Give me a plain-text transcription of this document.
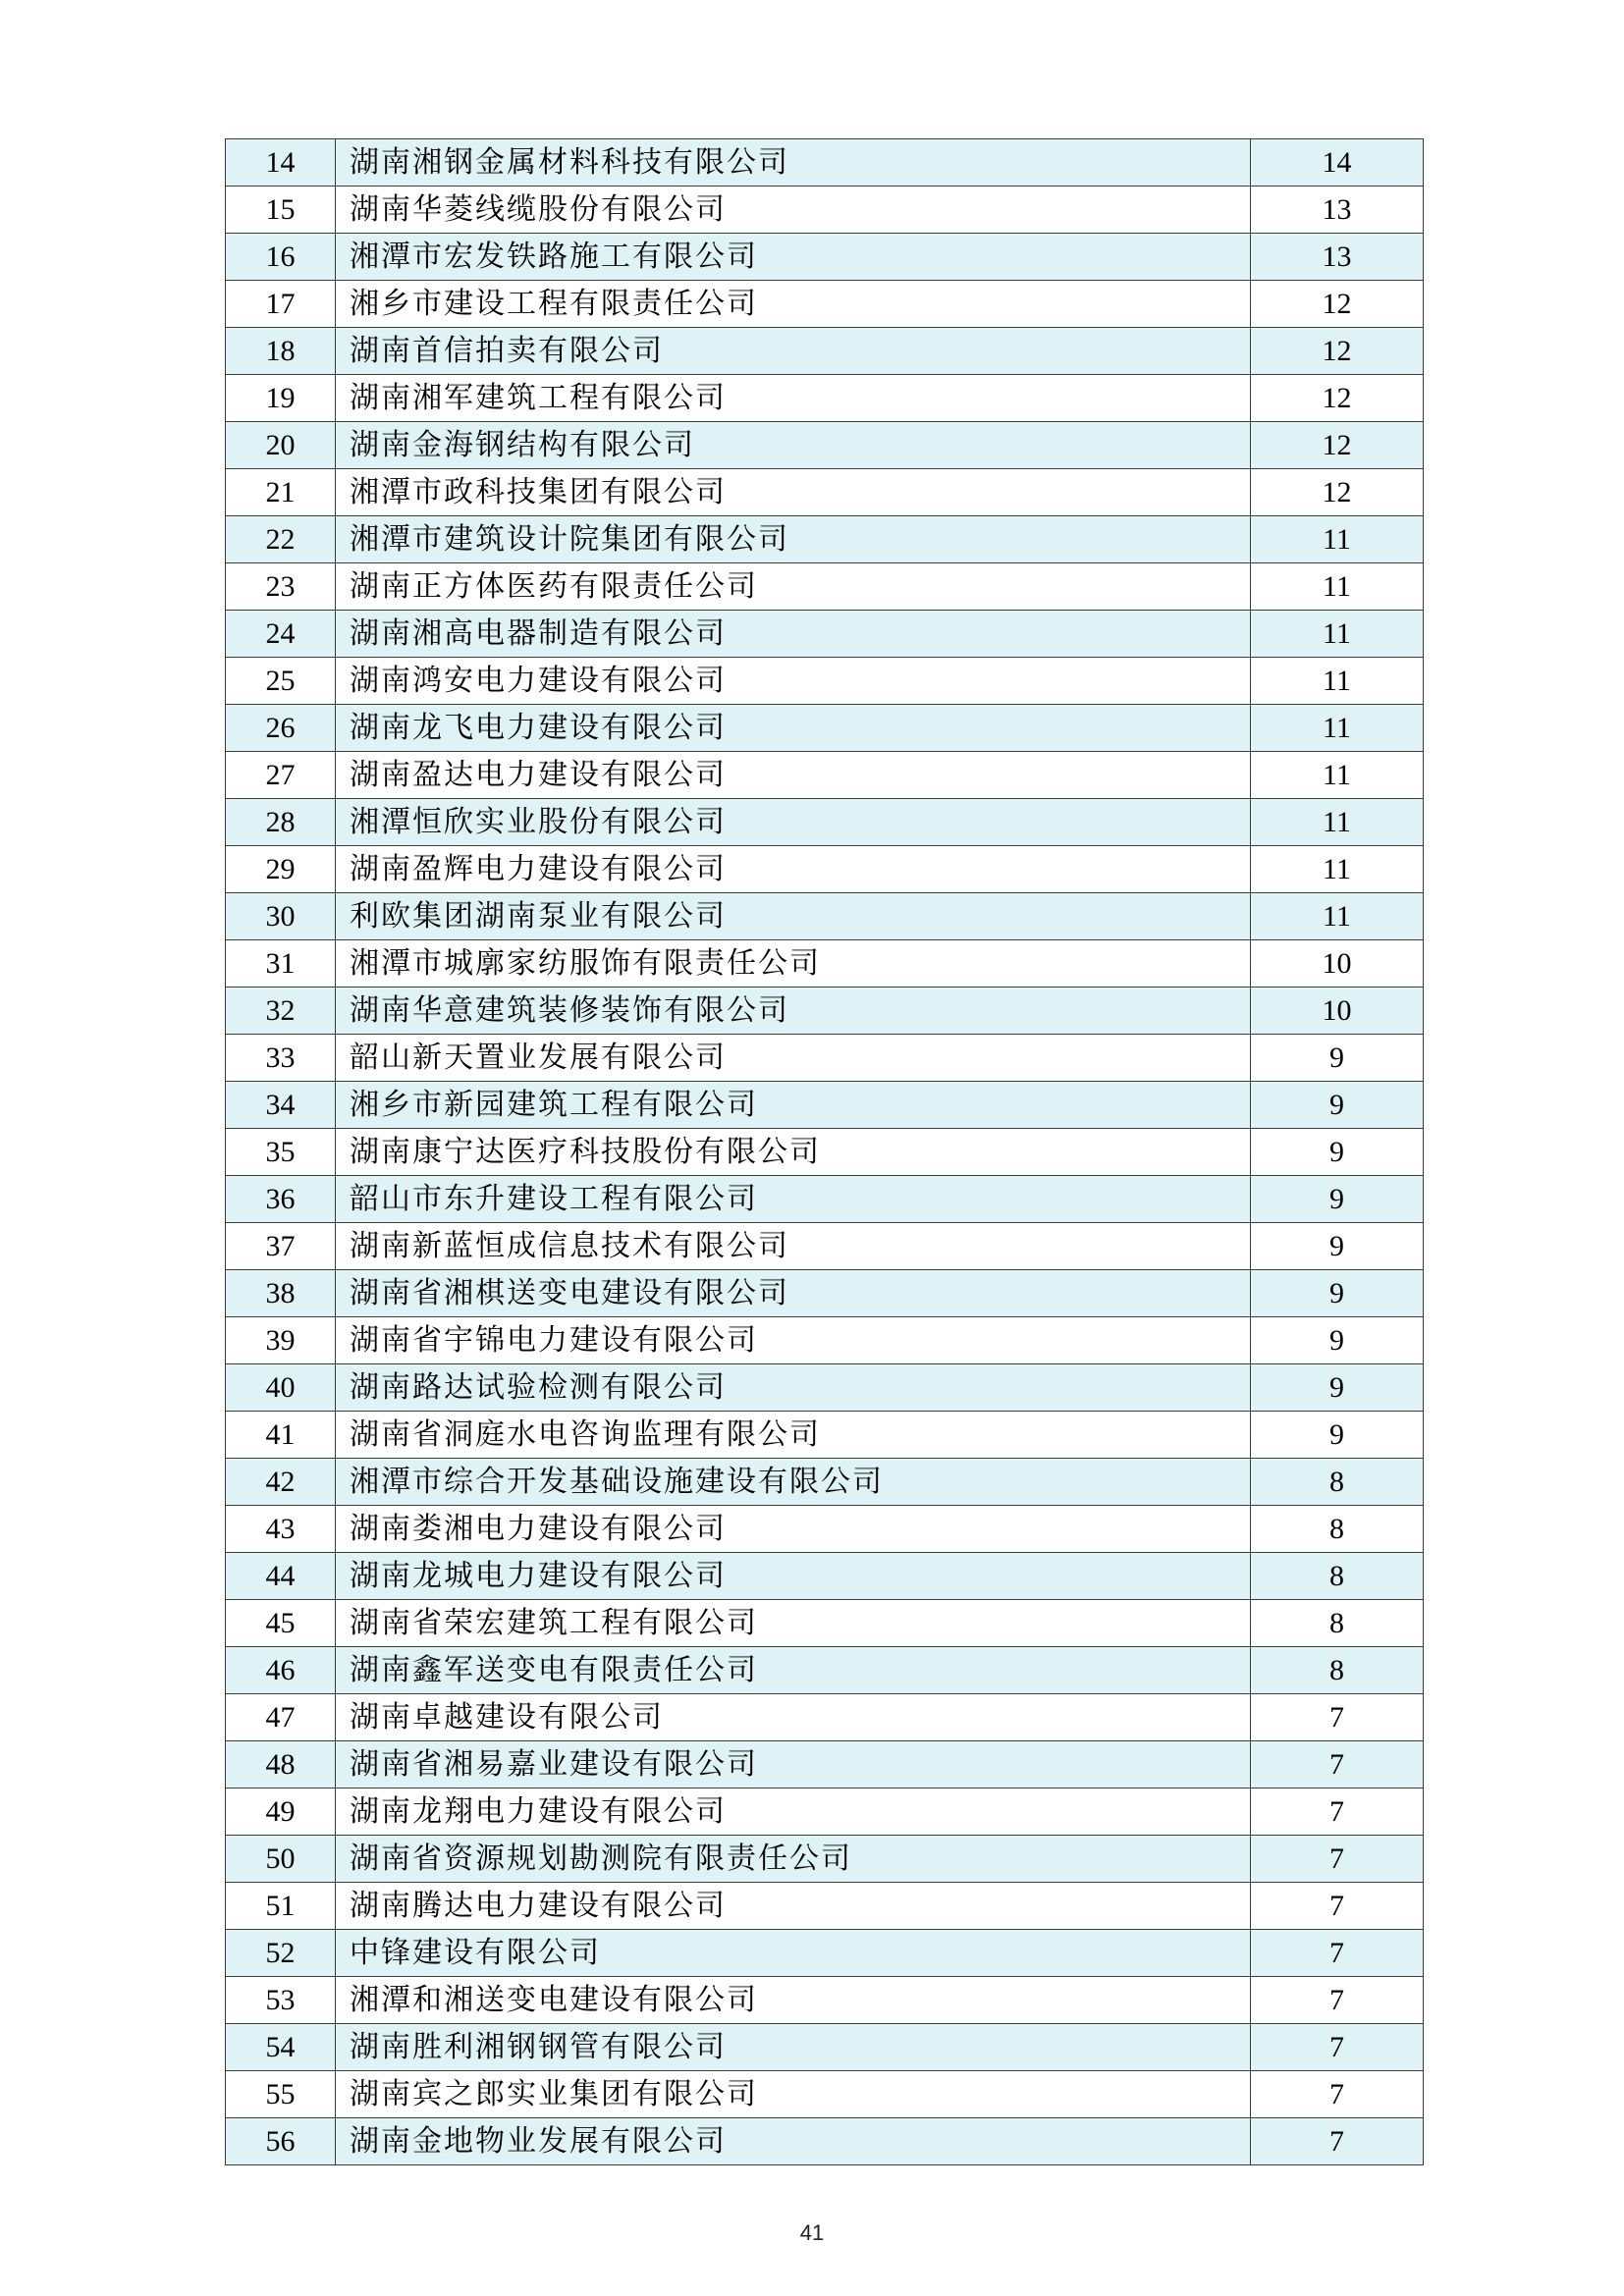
14	湖南湘钢金属材料科技有限公司	14
15	湖南华菱线缆股份有限公司	13
16	湘潭市宏发铁路施工有限公司	13
17	湘乡市建设工程有限责任公司	12
18	湖南首信拍卖有限公司	12
19	湖南湘军建筑工程有限公司	12
20	湖南金海钢结构有限公司	12
21	湘潭市政科技集团有限公司	12
22	湘潭市建筑设计院集团有限公司	11
23	湖南正方体医药有限责任公司	11
24	湖南湘高电器制造有限公司	11
25	湖南鸿安电力建设有限公司	11
26	湖南龙飞电力建设有限公司	11
27	湖南盈达电力建设有限公司	11
28	湘潭恒欣实业股份有限公司	11
29	湖南盈辉电力建设有限公司	11
30	利欧集团湖南泵业有限公司	11
31	湘潭市城廓家纺服饰有限责任公司	10
32	湖南华意建筑装修装饰有限公司	10
33	韶山新天置业发展有限公司	9
34	湘乡市新园建筑工程有限公司	9
35	湖南康宁达医疗科技股份有限公司	9
36	韶山市东升建设工程有限公司	9
37	湖南新蓝恒成信息技术有限公司	9
38	湖南省湘棋送变电建设有限公司	9
39	湖南省宇锦电力建设有限公司	9
40	湖南路达试验检测有限公司	9
41	湖南省洞庭水电咨询监理有限公司	9
42	湘潭市综合开发基础设施建设有限公司	8
43	湖南娄湘电力建设有限公司	8
44	湖南龙城电力建设有限公司	8
45	湖南省荣宏建筑工程有限公司	8
46	湖南鑫军送变电有限责任公司	8
47	湖南卓越建设有限公司	7
48	湖南省湘易嘉业建设有限公司	7
49	湖南龙翔电力建设有限公司	7
50	湖南省资源规划勘测院有限责任公司	7
51	湖南腾达电力建设有限公司	7
52	中锋建设有限公司	7
53	湘潭和湘送变电建设有限公司	7
54	湖南胜利湘钢钢管有限公司	7
55	湖南宾之郎实业集团有限公司	7
56	湖南金地物业发展有限公司	7
41
